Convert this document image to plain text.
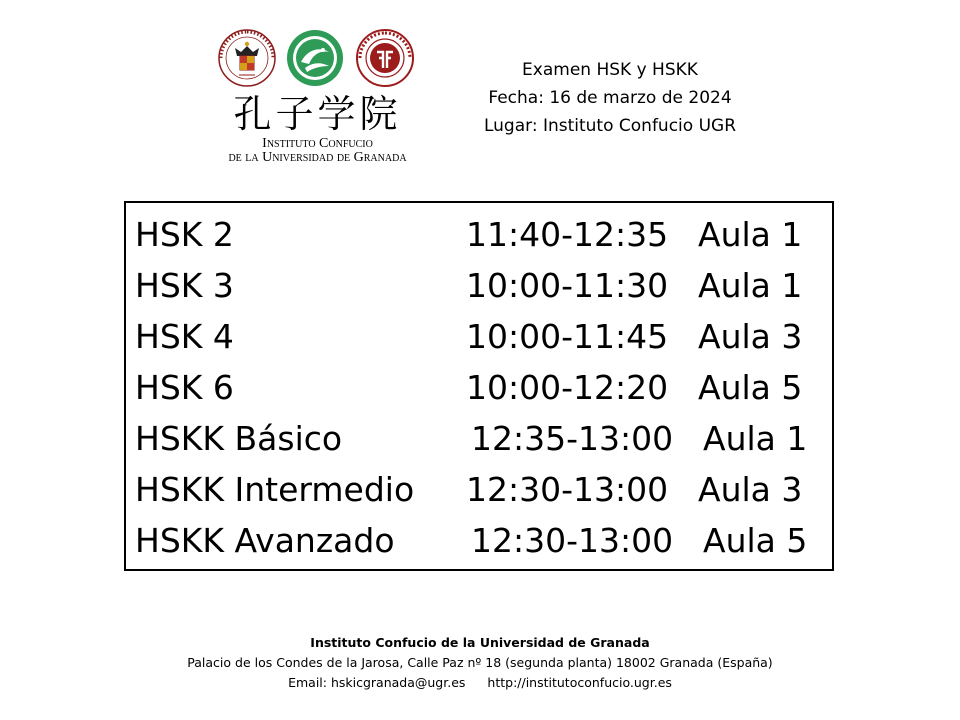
孔子学院
Instituto Confucio
de la Universidad de Granada
Examen HSK y HSKK
Fecha: 16 de marzo de 2024
Lugar: Instituto Confucio UGR
HSK 2	11:40-12:35 Aula 1
HSK 3	10:00-11:30 Aula 1
HSK 4	10:00-11:45 Aula 3
HSK 6	10:00-12:20 Aula 5
HSKK Básico	12:35-13:00 Aula 1
HSKK Intermedio 12:30-13:00 Aula 3
HSKK Avanzado 12:30-13:00 Aula 5
Instituto Confucio de la Universidad de Granada
Palacio de los Condes de la Jarosa, Calle Paz nº 18 (segunda planta) 18002 Granada (España)
Email: hskicgranada@ugr.es http://institutoconfucio.ugr.es
